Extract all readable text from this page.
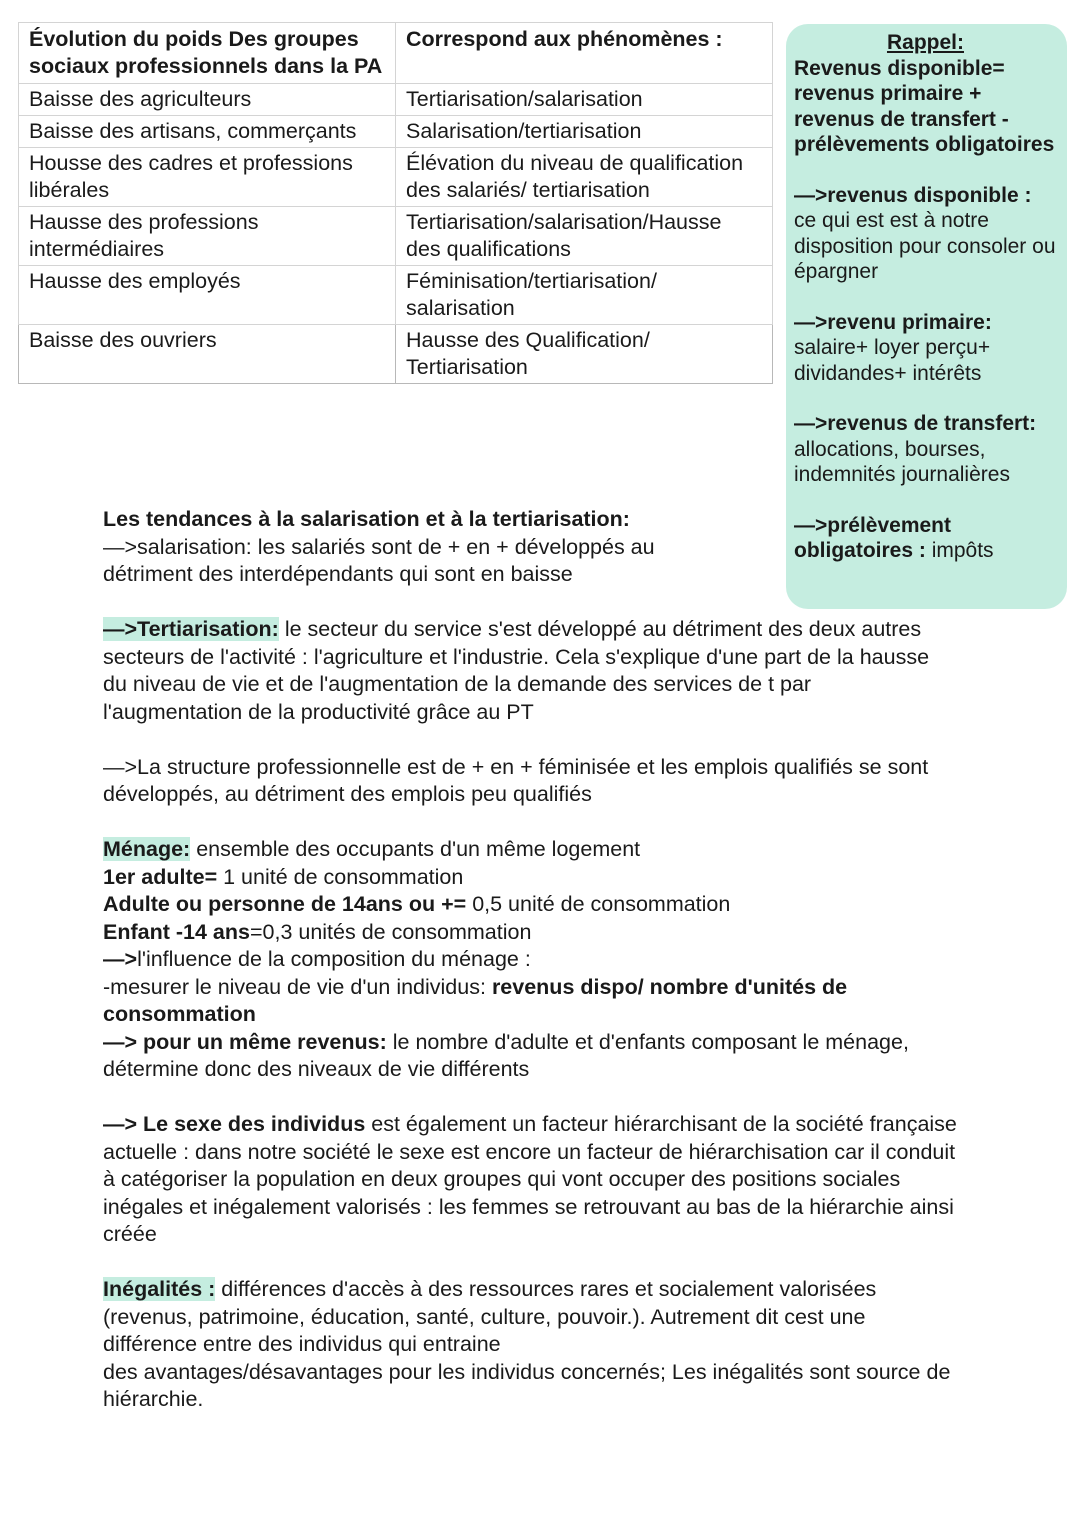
Évolution du poids Des groupes sociaux professionnels dans la PA	Correspond aux phénomènes :
Baisse des agriculteurs	Tertiarisation/salarisation
Baisse des artisans, commerçants	Salarisation/tertiarisation
Housse des cadres et professions libérales	Élévation du niveau de qualification des salariés/ tertiarisation
Hausse des professions intermédiaires	Tertiarisation/salarisation/Hausse des qualifications
Hausse des employés	Féminisation/tertiarisation/ salarisation
Baisse des ouvriers	Hausse des Qualification/ Tertiarisation
Rappel:
Revenus disponible= revenus primaire + revenus de transfert - prélèvements obligatoires
—>revenus disponible :
ce qui est est à notre disposition pour consoler ou épargner
—>revenu primaire:
salaire+ loyer perçu+ dividandes+ intérêts
—>revenus de transfert:
allocations, bourses, indemnités journalières
—>prélèvement obligatoires : impôts

Les tendances à la salarisation et à la tertiarisation:

—>salarisation: les salariés sont de + en + développés au détriment des interdépendants qui sont en baisse

—>Tertiarisation: le secteur du service s'est développé au détriment des deux autres secteurs de l'activité : l'agriculture et l'industrie. Cela s'explique d'une part de la hausse du niveau de vie et de l'augmentation de la demande des services de t par l'augmentation de la productivité grâce au PT

—>La structure professionnelle est de + en + féminisée et les emplois qualifiés se sont développés, au détriment des emplois peu qualifiés

Ménage: ensemble des occupants d'un même logement

1er adulte= 1 unité de consommation

Adulte ou personne de 14ans ou += 0,5 unité de consommation

Enfant -14 ans=0,3 unités de consommation

—>l'influence de la composition du ménage :

-mesurer le niveau de vie d'un individus: revenus dispo/ nombre d'unités de consommation

—> pour un même revenus: le nombre d'adulte et d'enfants composant le ménage, détermine donc des niveaux de vie différents

—> Le sexe des individus est également un facteur hiérarchisant de la société française actuelle : dans notre société le sexe est encore un facteur de hiérarchisation car il conduit à catégoriser la population en deux groupes qui vont occuper des positions sociales inégales et inégalement valorisés : les femmes se retrouvant au bas de la hiérarchie ainsi créée

Inégalités : différences d'accès à des ressources rares et socialement valorisées (revenus, patrimoine, éducation, santé, culture, pouvoir.). Autrement dit cest une différence entre des individus qui entraine
des avantages/désavantages pour les individus concernés; Les inégalités sont source de hiérarchie.
